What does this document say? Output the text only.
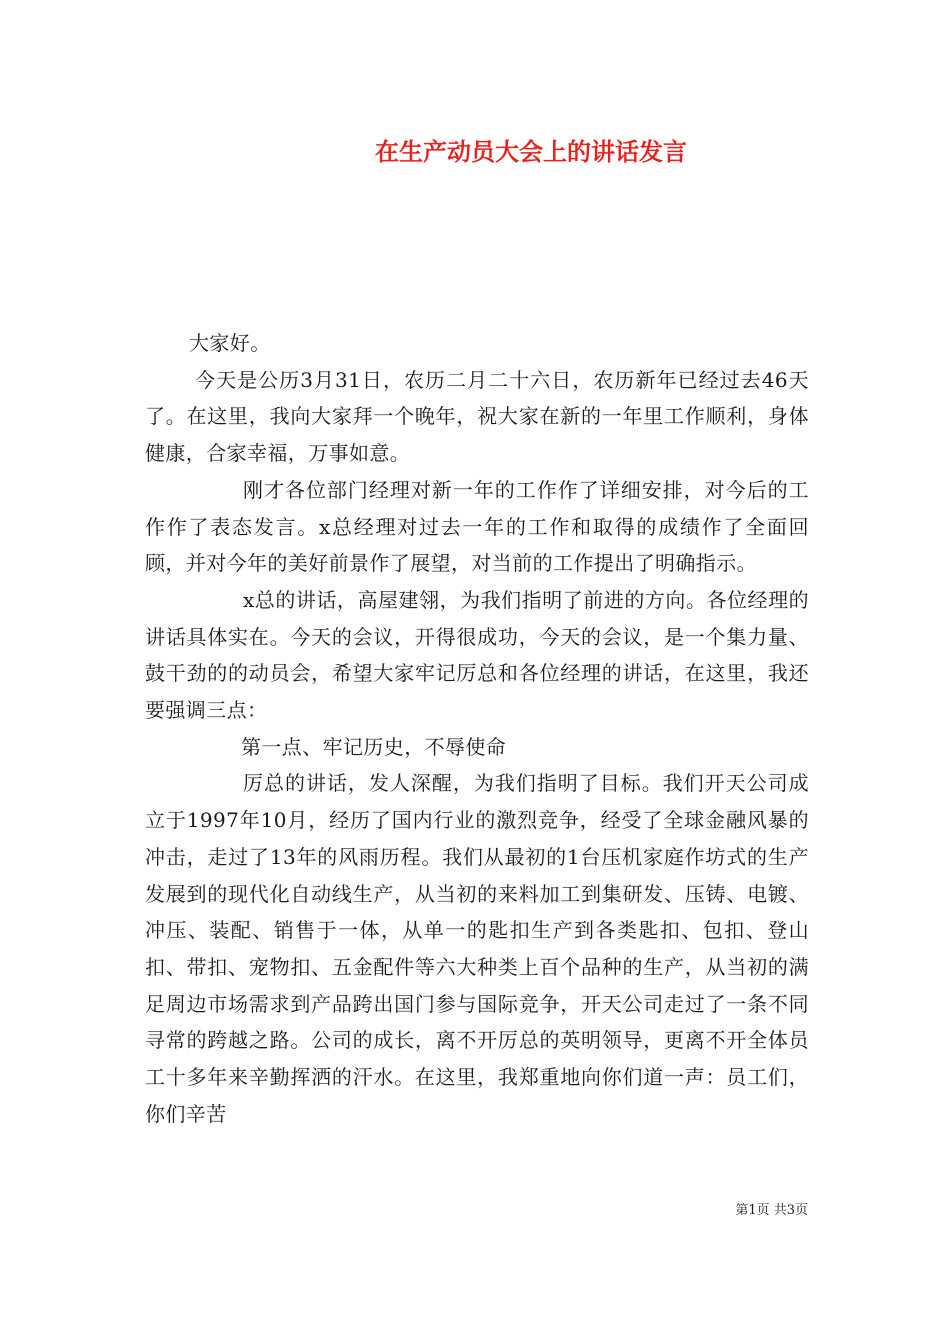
在生产动员大会上的讲话发言

大家好。

今天是公历3月31日，农历二月二十六日，农历新年已经过去46天了。在这里，我向大家拜一个晚年，祝大家在新的一年里工作顺利，身体健康，合家幸福，万事如意。

刚才各位部门经理对新一年的工作作了详细安排，对今后的工作作了表态发言。x总经理对过去一年的工作和取得的成绩作了全面回顾，并对今年的美好前景作了展望，对当前的工作提出了明确指示。

x总的讲话，高屋建翎，为我们指明了前进的方向。各位经理的讲话具体实在。今天的会议，开得很成功，今天的会议，是一个集力量、鼓干劲的的动员会，希望大家牢记厉总和各位经理的讲话，在这里，我还要强调三点：

第一点、牢记历史，不辱使命

厉总的讲话，发人深醒，为我们指明了目标。我们开天公司成立于1997年10月，经历了国内行业的激烈竞争，经受了全球金融风暴的冲击，走过了13年的风雨历程。我们从最初的1台压机家庭作坊式的生产发展到的现代化自动线生产，从当初的来料加工到集研发、压铸、电镀、冲压、装配、销售于一体，从单一的匙扣生产到各类匙扣、包扣、登山扣、带扣、宠物扣、五金配件等六大种类上百个品种的生产，从当初的满足周边市场需求到产品跨出国门参与国际竞争，开天公司走过了一条不同寻常的跨越之路。公司的成长，离不开厉总的英明领导，更离不开全体员工十多年来辛勤挥洒的汗水。在这里，我郑重地向你们道一声：员工们，你们辛苦

第1页 共3页
